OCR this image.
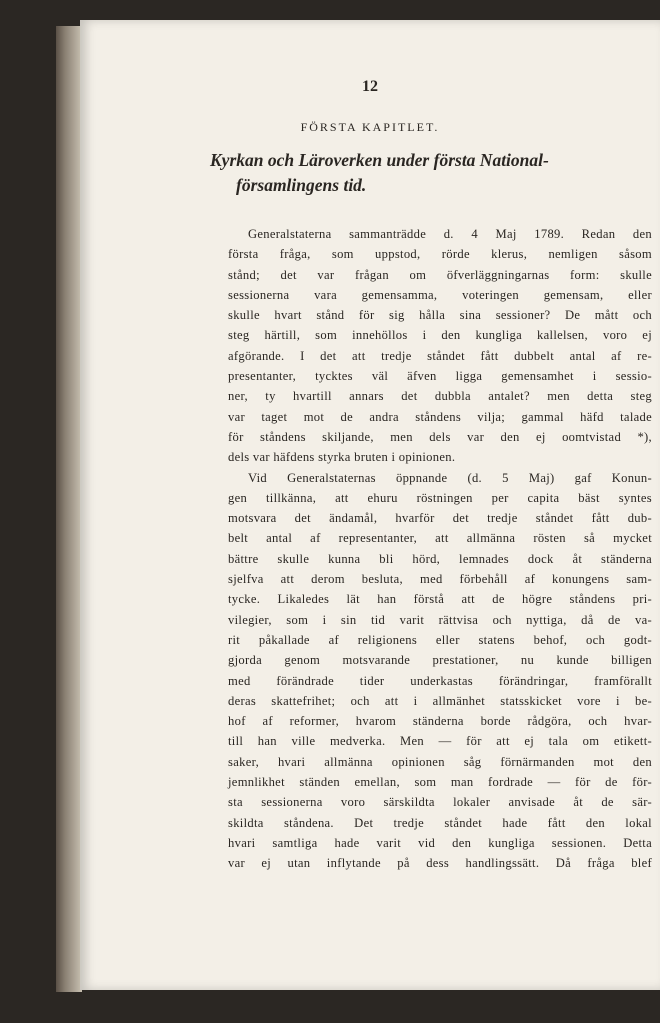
12
FÖRSTA KAPITLET.
Kyrkan och Läroverken under första National-
församlingens tid.
Generalstaterna sammanträdde d. 4 Maj 1789. Redan den
första fråga, som uppstod, rörde klerus, nemligen såsom
stånd; det var frågan om öfverläggningarnas form: skulle
sessionerna vara gemensamma, voteringen gemensam, eller
skulle hvart stånd för sig hålla sina sessioner? De mått och
steg härtill, som innehöllos i den kungliga kallelsen, voro ej
afgörande. I det att tredje ståndet fått dubbelt antal af re-
presentanter, tycktes väl äfven ligga gemensamhet i sessio-
ner, ty hvartill annars det dubbla antalet? men detta steg
var taget mot de andra ståndens vilja; gammal häfd talade
för ståndens skiljande, men dels var den ej oomtvistad *),
dels var häfdens styrka bruten i opinionen.
Vid Generalstaternas öppnande (d. 5 Maj) gaf Konun-
gen tillkänna, att ehuru röstningen per capita bäst syntes
motsvara det ändamål, hvarför det tredje ståndet fått dub-
belt antal af representanter, att allmänna rösten så mycket
bättre skulle kunna bli hörd, lemnades dock åt ständerna
sjelfva att derom besluta, med förbehåll af konungens sam-
tycke. Likaledes lät han förstå att de högre ståndens pri-
vilegier, som i sin tid varit rättvisa och nyttiga, då de va-
rit påkallade af religionens eller statens behof, och godt-
gjorda genom motsvarande prestationer, nu kunde billigen
med förändrade tider underkastas förändringar, framförallt
deras skattefrihet; och att i allmänhet statsskicket vore i be-
hof af reformer, hvarom ständerna borde rådgöra, och hvar-
till han ville medverka. Men — för att ej tala om etikett-
saker, hvari allmänna opinionen såg förnärmanden mot den
jemnlikhet ständen emellan, som man fordrade — för de för-
sta sessionerna voro särskildta lokaler anvisade åt de sär-
skildta ståndena. Det tredje ståndet hade fått den lokal
hvari samtliga hade varit vid den kungliga sessionen. Detta
var ej utan inflytande på dess handlingssätt. Då fråga blef
